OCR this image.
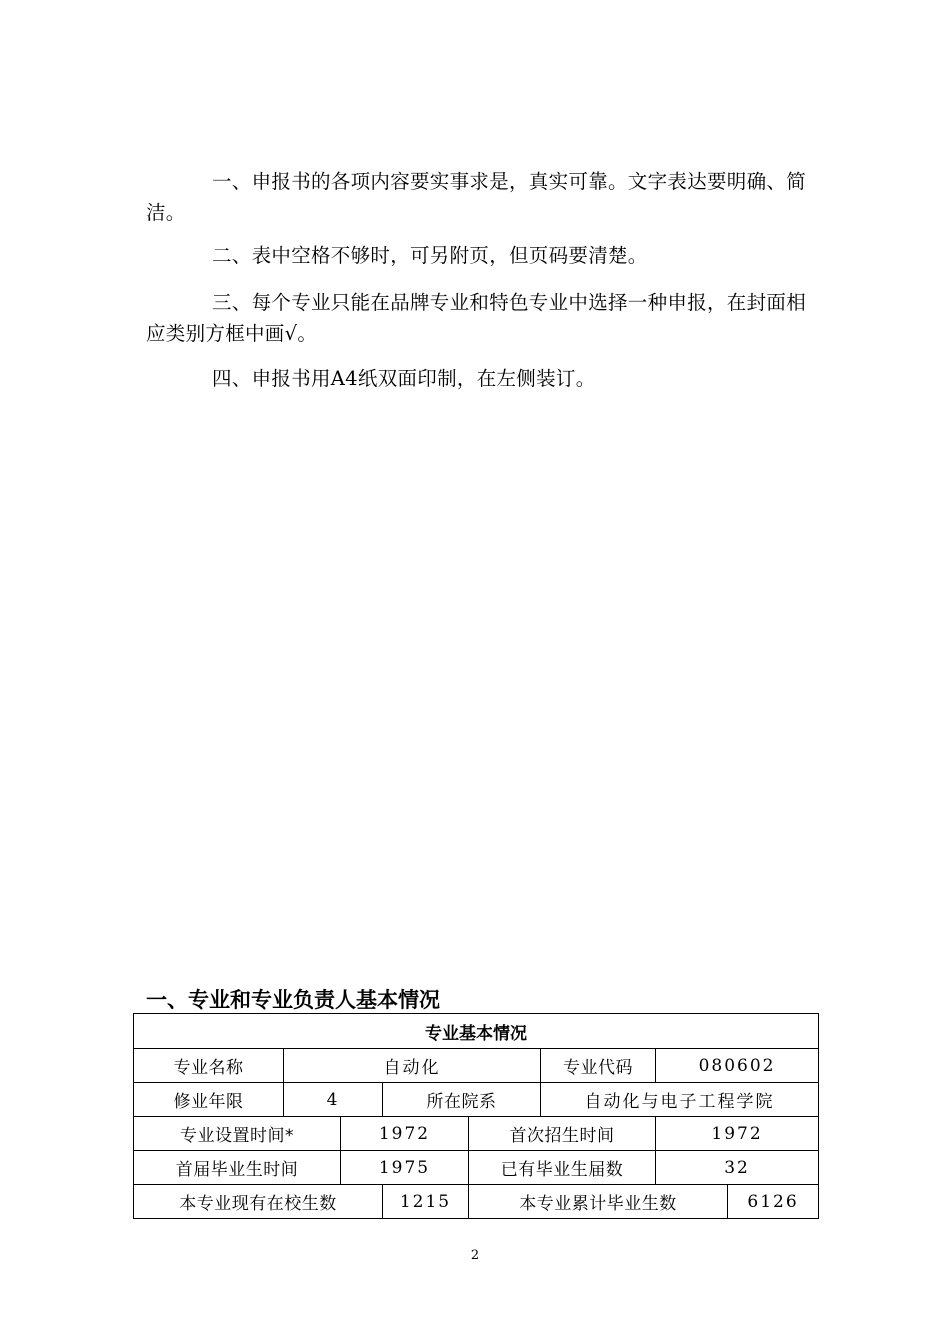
一、申报书的各项内容要实事求是，真实可靠。文字表达要明确、简洁。

二、表中空格不够时，可另附页，但页码要清楚。

三、每个专业只能在品牌专业和特色专业中选择一种申报，在封面相应类别方框中画√。

四、申报书用A4纸双面印制，在左侧装订。

一、专业和专业负责人基本情况
专业基本情况							
专业名称	自动化				专业代码	080602	
修业年限	4		所在院系		自动化与电子工程学院		
专业设置时间*		1972		首次招生时间		1972	
首届毕业生时间		1975		已有毕业生届数		32	
本专业现有在校生数			1215	本专业累计毕业生数			6126
2
